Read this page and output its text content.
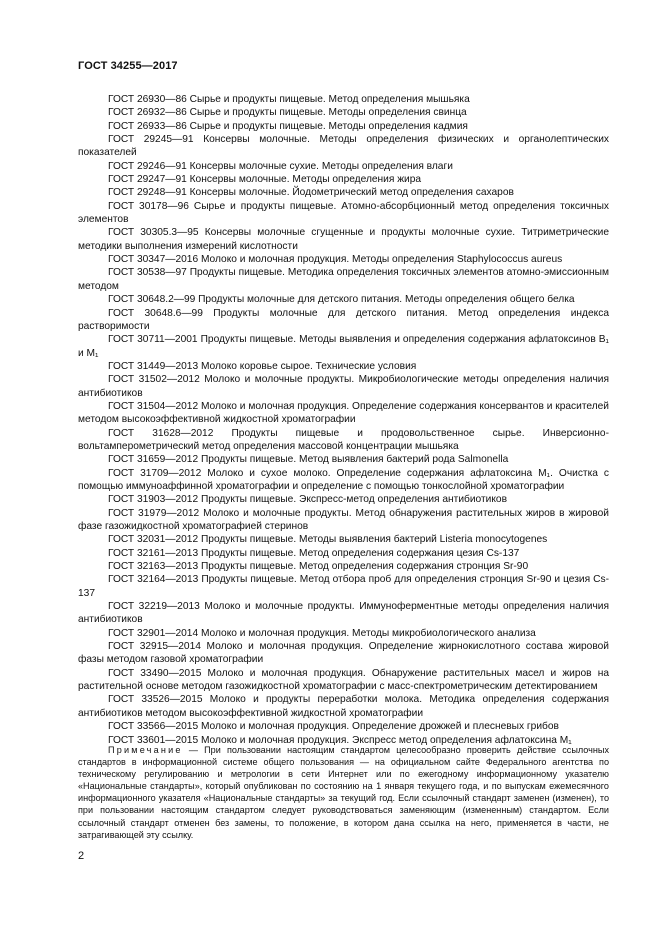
ГОСТ 34255—2017

ГОСТ 26930—86 Сырье и продукты пищевые. Метод определения мышьяка

ГОСТ 26932—86 Сырье и продукты пищевые. Методы определения свинца

ГОСТ 26933—86 Сырье и продукты пищевые. Методы определения кадмия

ГОСТ 29245—91 Консервы молочные. Методы определения физических и органолептических показателей

ГОСТ 29246—91 Консервы молочные сухие. Методы определения влаги

ГОСТ 29247—91 Консервы молочные. Методы определения жира

ГОСТ 29248—91 Консервы молочные. Йодометрический метод определения сахаров

ГОСТ 30178—96 Сырье и продукты пищевые. Атомно-абсорбционный метод определения токсичных элементов

ГОСТ 30305.3—95 Консервы молочные сгущенные и продукты молочные сухие. Титриметрические методики выполнения измерений кислотности

ГОСТ 30347—2016 Молоко и молочная продукция. Методы определения Staphylococcus aureus

ГОСТ 30538—97 Продукты пищевые. Методика определения токсичных элементов атомно-эмиссионным методом

ГОСТ 30648.2—99 Продукты молочные для детского питания. Методы определения общего белка

ГОСТ 30648.6—99 Продукты молочные для детского питания. Метод определения индекса растворимости

ГОСТ 30711—2001 Продукты пищевые. Методы выявления и определения содержания афлатоксинов В₁ и М₁

ГОСТ 31449—2013 Молоко коровье сырое. Технические условия

ГОСТ 31502—2012 Молоко и молочные продукты. Микробиологические методы определения наличия антибиотиков

ГОСТ 31504—2012 Молоко и молочная продукция. Определение содержания консервантов и красителей методом высокоэффективной жидкостной хроматографии

ГОСТ 31628—2012 Продукты пищевые и продовольственное сырье. Инверсионно-вольтамперометрический метод определения массовой концентрации мышьяка

ГОСТ 31659—2012 Продукты пищевые. Метод выявления бактерий рода Salmonella

ГОСТ 31709—2012 Молоко и сухое молоко. Определение содержания афлатоксина М₁. Очистка с помощью иммуноаффинной хроматографии и определение с помощью тонкослойной хроматографии

ГОСТ 31903—2012 Продукты пищевые. Экспресс-метод определения антибиотиков

ГОСТ 31979—2012 Молоко и молочные продукты. Метод обнаружения растительных жиров в жировой фазе газожидкостной хроматографией стеринов

ГОСТ 32031—2012 Продукты пищевые. Методы выявления бактерий Listeria monocytogenes

ГОСТ 32161—2013 Продукты пищевые. Метод определения содержания цезия Cs-137

ГОСТ 32163—2013 Продукты пищевые. Метод определения содержания стронция Sr-90

ГОСТ 32164—2013 Продукты пищевые. Метод отбора проб для определения стронция Sr-90 и цезия Cs-137

ГОСТ 32219—2013 Молоко и молочные продукты. Иммуноферментные методы определения наличия антибиотиков

ГОСТ 32901—2014 Молоко и молочная продукция. Методы микробиологического анализа

ГОСТ 32915—2014 Молоко и молочная продукция. Определение жирнокислотного состава жировой фазы методом газовой хроматографии

ГОСТ 33490—2015 Молоко и молочная продукция. Обнаружение растительных масел и жиров на растительной основе методом газожидкостной хроматографии с масс-спектрометрическим детектированием

ГОСТ 33526—2015 Молоко и продукты переработки молока. Методика определения содержания антибиотиков методом высокоэффективной жидкостной хроматографии

ГОСТ 33566—2015 Молоко и молочная продукция. Определение дрожжей и плесневых грибов

ГОСТ 33601—2015 Молоко и молочная продукция. Экспресс метод определения афлатоксина М₁

Примечание — При пользовании настоящим стандартом целесообразно проверить действие ссылочных стандартов в информационной системе общего пользования — на официальном сайте Федерального агентства по техническому регулированию и метрологии в сети Интернет или по ежегодному информационному указателю «Национальные стандарты», который опубликован по состоянию на 1 января текущего года, и по выпускам ежемесячного информационного указателя «Национальные стандарты» за текущий год. Если ссылочный стандарт заменен (изменен), то при пользовании настоящим стандартом следует руководствоваться заменяющим (измененным) стандартом. Если ссылочный стандарт отменен без замены, то положение, в котором дана ссылка на него, применяется в части, не затрагивающей эту ссылку.
2
